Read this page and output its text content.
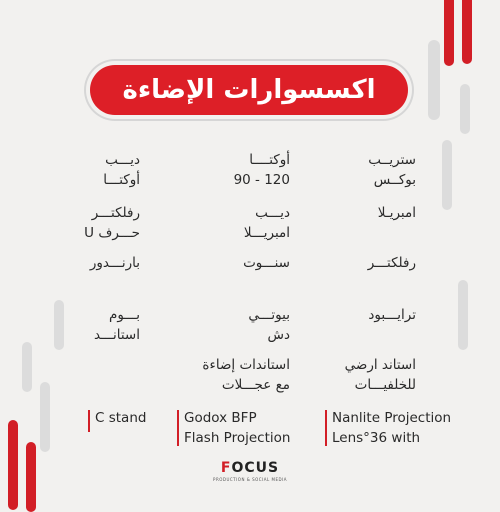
اكسسوارات الإضاءة
ستريــب
بوكــس
أوكتــــا
120 - 90
ديـــب
أوكتـــا
امبريـلا
ديـــب
امبريـــلا
رفلكتـــر
حـــرف U
رفلكتـــر
سنـــوت
بارنـــدور
ترايـــبود
بيوتـــي
دش
بـــوم
استانـــد
استاند ارضي
للخلفيـــات
استاندات إضاءة
مع عجـــلات
Nanlite Projection
Lens°36 with
Godox BFP
Flash Projection
C stand
FOCUS
PRODUCTION & SOCIAL MEDIA
